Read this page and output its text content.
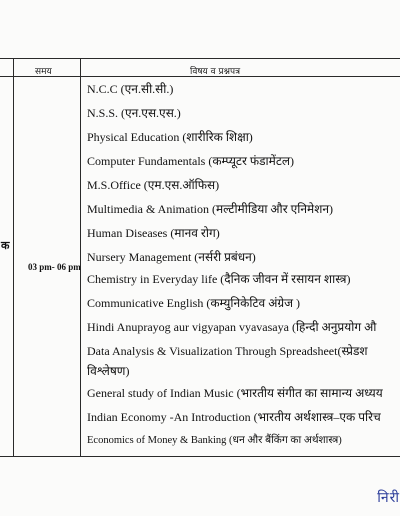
समय	विषय व प्रश्नपत्र
क
03 pm- 06 pm
N.C.C (एन.सी.सी.)
N.S.S. (एन.एस.एस.)
Physical Education (शारीरिक शिक्षा)
Computer Fundamentals (कम्प्यूटर फंडामेंटल)
M.S.Office (एम.एस.ऑफिस)
Multimedia & Animation (मल्टीमीडिया और एनिमेशन)
Human Diseases (मानव रोग)
Nursery Management (नर्सरी प्रबंधन)
Chemistry in Everyday life (दैनिक जीवन में रसायन शास्त्र)
Communicative English (कम्युनिकेटिव अंग्रेज )
Hindi Anuprayog aur vigyapan vyavasaya (हिन्दी अनुप्रयोग औ
Data Analysis & Visualization Through Spreadsheet(स्प्रेडश
विश्लेषण)
General study of Indian Music (भारतीय संगीत का सामान्य अध्यय
Indian Economy -An Introduction (भारतीय अर्थशास्त्र–एक परिच
Economics of Money & Banking (धन और बैंकिंग का अर्थशास्त्र)
निरी
